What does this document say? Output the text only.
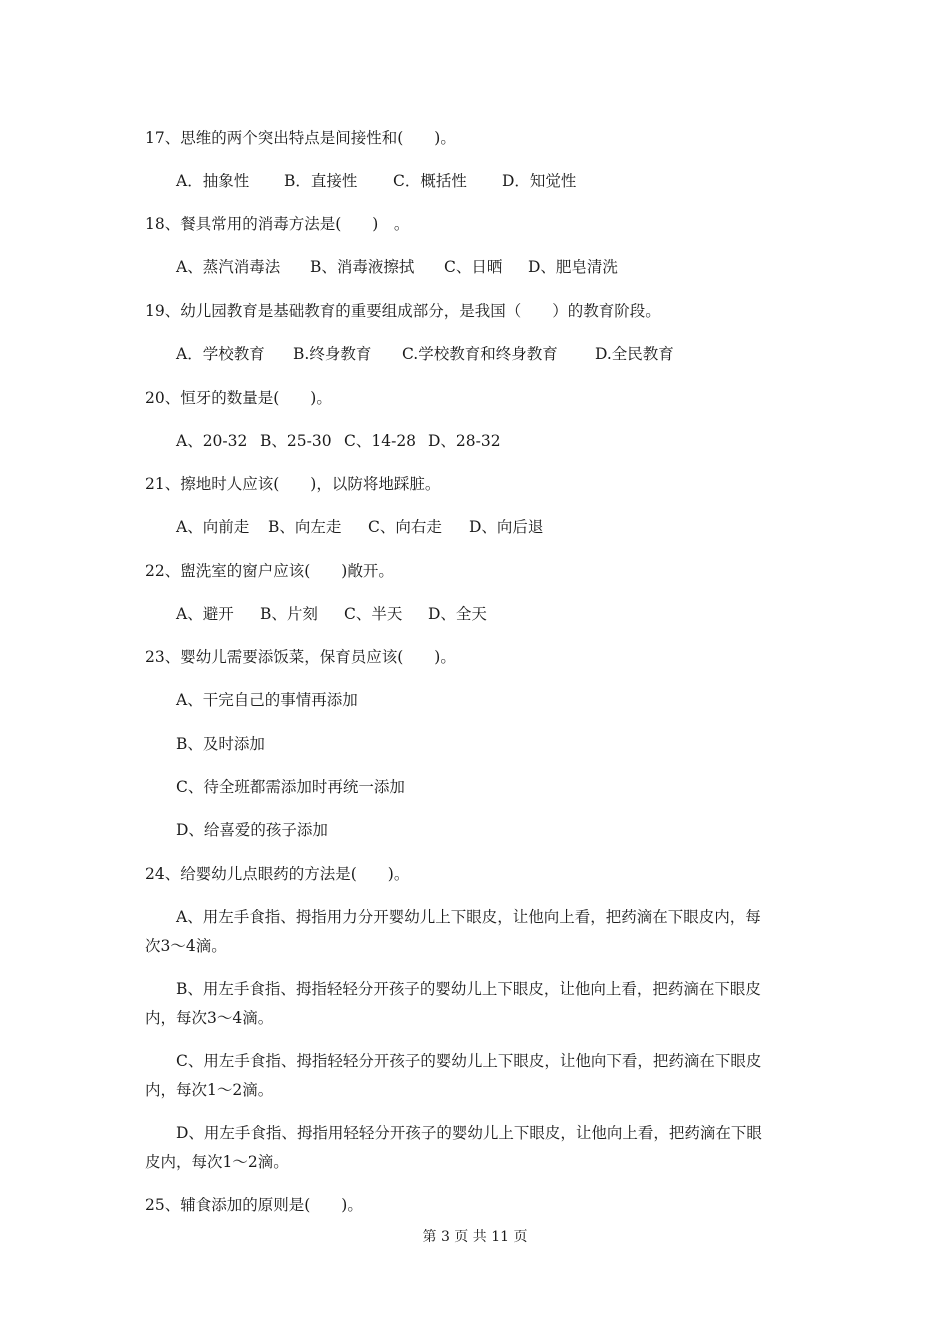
17、思维的两个突出特点是间接性和(　　)。
A．抽象性 B．直接性 C．概括性 D．知觉性
18、餐具常用的消毒方法是(　　)　。
A、蒸汽消毒法 B、消毒液擦拭 C、日晒 D、肥皂清洗
19、幼儿园教育是基础教育的重要组成部分，是我国（　　）的教育阶段。
A．学校教育 B.终身教育 C.学校教育和终身教育 D.全民教育
20、恒牙的数量是(　　)。
A、20-32 B、25-30 C、14-28 D、28-32
21、擦地时人应该(　　)，以防将地踩脏。
A、向前走 B、向左走 C、向右走 D、向后退
22、盥洗室的窗户应该(　　)敞开。
A、避开 B、片刻 C、半天 D、全天
23、婴幼儿需要添饭菜，保育员应该(　　)。
A、干完自己的事情再添加
B、及时添加
C、待全班都需添加时再统一添加
D、给喜爱的孩子添加
24、给婴幼儿点眼药的方法是(　　)。
A、用左手食指、拇指用力分开婴幼儿上下眼皮，让他向上看，把药滴在下眼皮内，每
次3～4滴。
B、用左手食指、拇指轻轻分开孩子的婴幼儿上下眼皮，让他向上看，把药滴在下眼皮
内，每次3～4滴。
C、用左手食指、拇指轻轻分开孩子的婴幼儿上下眼皮，让他向下看，把药滴在下眼皮
内，每次1～2滴。
D、用左手食指、拇指用轻轻分开孩子的婴幼儿上下眼皮，让他向上看，把药滴在下眼
皮内，每次1～2滴。
25、辅食添加的原则是(　　)。
第 3 页 共 11 页
